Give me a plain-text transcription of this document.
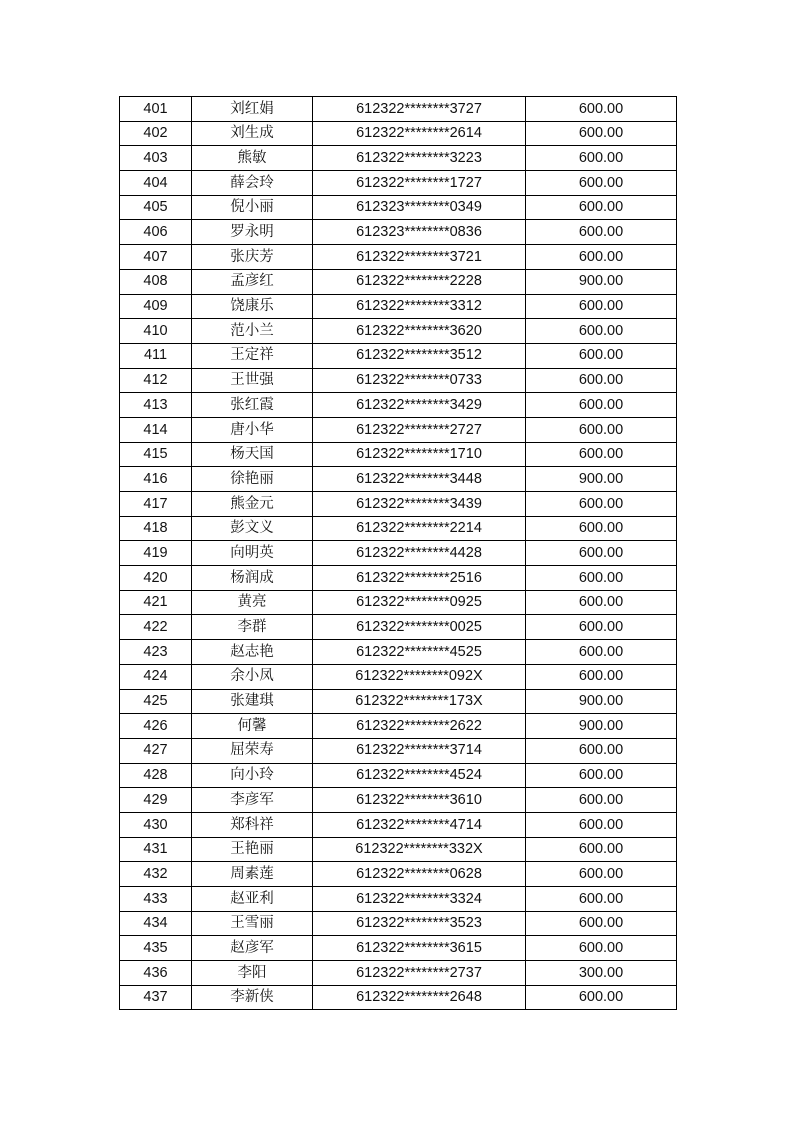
401	刘红娟	612322********3727	600.00
402	刘生成	612322********2614	600.00
403	熊敏	612322********3223	600.00
404	薛会玲	612322********1727	600.00
405	倪小丽	612323********0349	600.00
406	罗永明	612323********0836	600.00
407	张庆芳	612322********3721	600.00
408	孟彦红	612322********2228	900.00
409	饶康乐	612322********3312	600.00
410	范小兰	612322********3620	600.00
411	王定祥	612322********3512	600.00
412	王世强	612322********0733	600.00
413	张红霞	612322********3429	600.00
414	唐小华	612322********2727	600.00
415	杨天国	612322********1710	600.00
416	徐艳丽	612322********3448	900.00
417	熊金元	612322********3439	600.00
418	彭文义	612322********2214	600.00
419	向明英	612322********4428	600.00
420	杨润成	612322********2516	600.00
421	黄亮	612322********0925	600.00
422	李群	612322********0025	600.00
423	赵志艳	612322********4525	600.00
424	余小凤	612322********092X	600.00
425	张建琪	612322********173X	900.00
426	何馨	612322********2622	900.00
427	屈荣寿	612322********3714	600.00
428	向小玲	612322********4524	600.00
429	李彦军	612322********3610	600.00
430	郑科祥	612322********4714	600.00
431	王艳丽	612322********332X	600.00
432	周素莲	612322********0628	600.00
433	赵亚利	612322********3324	600.00
434	王雪丽	612322********3523	600.00
435	赵彦军	612322********3615	600.00
436	李阳	612322********2737	300.00
437	李新侠	612322********2648	600.00
